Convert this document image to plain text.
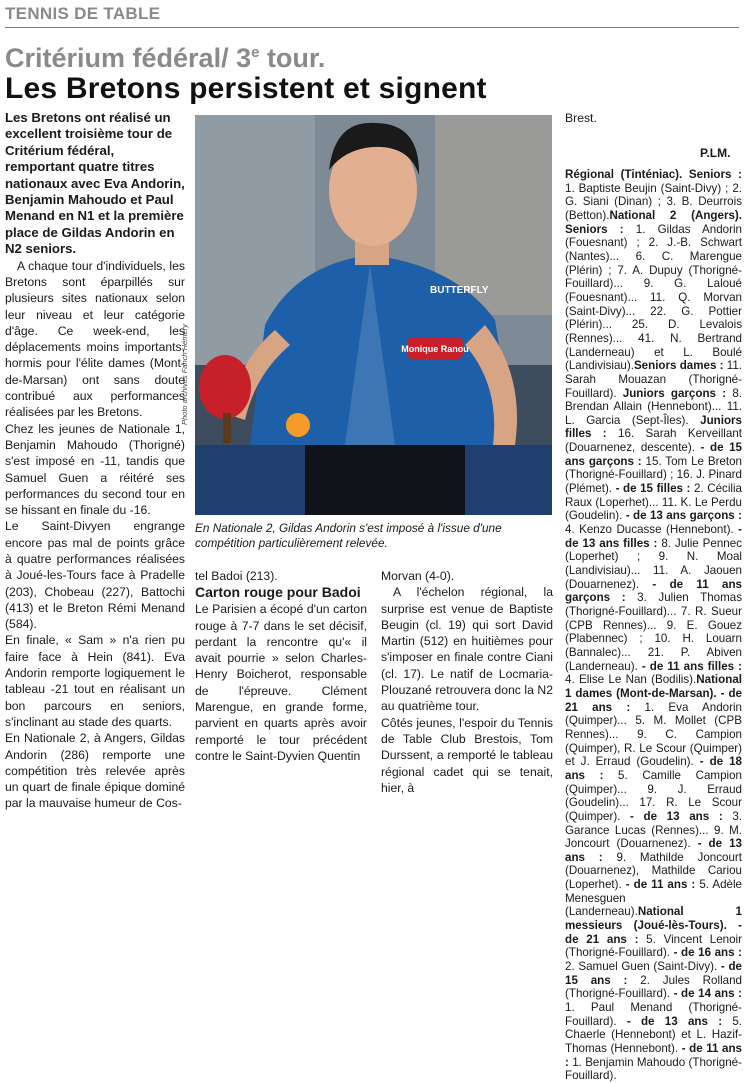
TENNIS DE TABLE
Critérium fédéral/ 3e tour.
Les Bretons persistent et signent

Les Bretons ont réalisé un excellent troisième tour de Critérium fédéral, remportant quatre titres nationaux avec Eva Andorin, Benjamin Mahoudo et Paul Menand en N1 et la première place de Gildas Andorin en N2 seniors.

A chaque tour d'individuels, les Bretons sont éparpillés sur plusieurs sites nationaux selon leur niveau et leur catégorie d'âge. Ce week-end, les déplacements moins importants, hormis pour l'élite dames (Mont-de-Marsan) ont sans doute contribué aux performances réalisées par les Bretons.

Chez les jeunes de Nationale 1, Benjamin Mahoudo (Thorigné) s'est imposé en -11, tandis que Samuel Guen a réitéré ses performances du second tour en se hissant en finale du -16.

Le Saint-Divyen engrange encore pas mal de points grâce à quatre performances réalisées à Joué-les-Tours face à Pradelle (203), Chobeau (227), Battochi (413) et le Breton Rémi Menand (584).

En finale, « Sam » n'a rien pu faire face à Hein (841). Eva Andorin remporte logiquement le tableau -21 tout en réalisant un bon parcours en seniors, s'inclinant au stade des quarts.

En Nationale 2, à Angers, Gildas Andorin (286) remporte une compétition très relevée après un quart de finale épique dominé par la mauvaise humeur de Cos-

Photo archives Fanch Hémery	Monique Ranou
BUTTERFLY
En Nationale 2, Gildas Andorin s'est imposé à l'issue d'une compétition particulièrement relevée.

tel Badoi (213).

Carton rouge pour Badoi

Le Parisien a écopé d'un carton rouge à 7-7 dans le set décisif, perdant la rencontre qu'« il avait pourrie » selon Charles-Henry Boicherot, responsable de l'épreuve. Clément Marengue, en grande forme, parvient en quarts après avoir remporté le tour précédent contre le Saint-Dyvien Quentin

Morvan (4-0).

A l'échelon régional, la surprise est venue de Baptiste Beugin (cl. 19) qui sort David Martin (512) en huitièmes pour s'imposer en finale contre Ciani (cl. 17). Le natif de Locmaria-Plouzané retrouvera donc la N2 au quatrième tour.

Côtés jeunes, l'espoir du Tennis de Table Club Brestois, Tom Durssent, a remporté le tableau régional cadet qui se tenait, hier, à

Brest.

P.LM.
Régional (Tinténiac). Seniors : 1. Baptiste Beujin (Saint-Divy) ; 2. G. Siani (Dinan) ; 3. B. Deurrois (Betton).National 2 (Angers). Seniors : 1. Gildas Andorin (Fouesnant) ; 2. J.-B. Schwart (Nantes)... 6. C. Marengue (Plérin) ; 7. A. Dupuy (Thorigné-Fouillard)... 9. G. Laloué (Fouesnant)... 11. Q. Morvan (Saint-Divy)... 22. G. Pottier (Plérin)... 25. D. Levalois (Rennes)... 41. N. Bertrand (Landerneau) et L. Boulé (Landivisiau).Seniors dames : 11. Sarah Mouazan (Thorigné-Fouillard). Juniors garçons : 8. Brendan Allain (Hennebont)... 11. L. Garcia (Sept-Îles). Juniors filles : 16. Sarah Kerveillant (Douarnenez, descente). - de 15 ans garçons : 15. Tom Le Breton (Thorigné-Fouillard) ; 16. J. Pinard (Plémet). - de 15 filles : 2. Cécilia Raux (Loperhet)... 11. K. Le Perdu (Goudelin). - de 13 ans garçons : 4. Kenzo Ducasse (Hennebont). - de 13 ans filles : 8. Julie Pennec (Loperhet) ; 9. N. Moal (Landivisiau)... 11. A. Jaouen (Douarnenez). - de 11 ans garçons : 3. Julien Thomas (Thorigné-Fouillard)... 7. R. Sueur (CPB Rennes)... 9. E. Gouez (Plabennec) ; 10. H. Louarn (Bannalec)... 21. P. Abiven (Landerneau). - de 11 ans filles : 4. Elise Le Nan (Bodilis).National 1 dames (Mont-de-Marsan). - de 21 ans : 1. Eva Andorin (Quimper)... 5. M. Mollet (CPB Rennes)... 9. C. Campion (Quimper), R. Le Scour (Quimper) et J. Erraud (Goudelin). - de 18 ans : 5. Camille Campion (Quimper)... 9. J. Erraud (Goudelin)... 17. R. Le Scour (Quimper). - de 13 ans : 3. Garance Lucas (Rennes)... 9. M. Joncourt (Douarnenez). - de 13 ans : 9. Mathilde Joncourt (Douarnenez), Mathilde Cariou (Loperhet). - de 11 ans : 5. Adèle Menesguen (Landerneau).National 1 messieurs (Joué-lès-Tours). - de 21 ans : 5. Vincent Lenoir (Thorigné-Fouillard). - de 16 ans : 2. Samuel Guen (Saint-Divy). - de 15 ans : 2. Jules Rolland (Thorigné-Fouillard). - de 14 ans : 1. Paul Menand (Thorigné-Fouillard). - de 13 ans : 5. Chaerle (Hennebont) et L. Hazif-Thomas (Hennebont). - de 11 ans : 1. Benjamin Mahoudo (Thorigné-Fouillard).
